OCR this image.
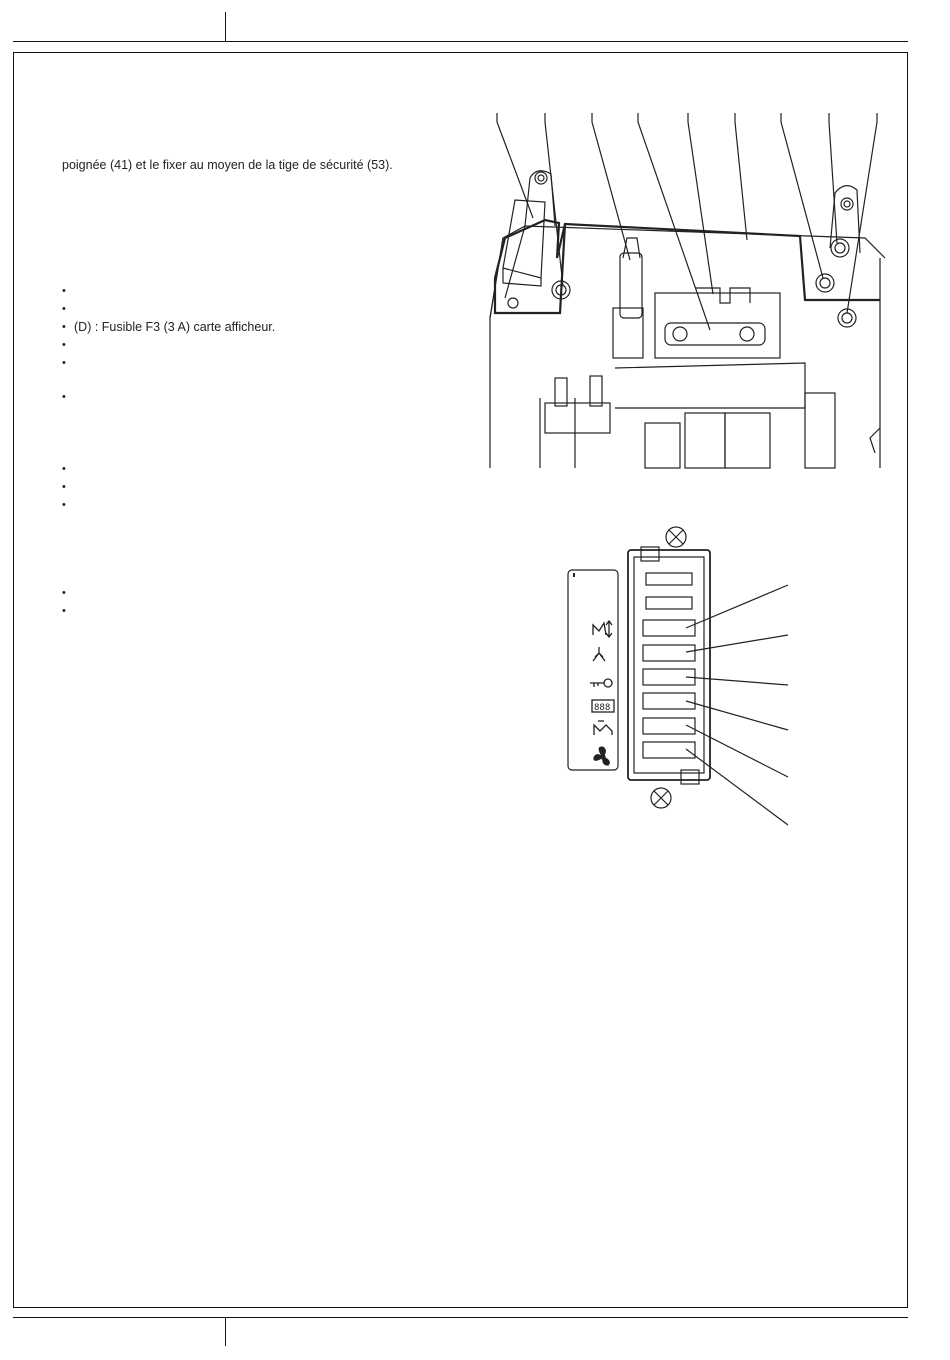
poignée (41) et le fixer au moyen de la tige de sécurité (53).
•
•
• (D) : Fusible F3 (3 A) carte afficheur.
•
•
•
•
•
•
•
•
888
